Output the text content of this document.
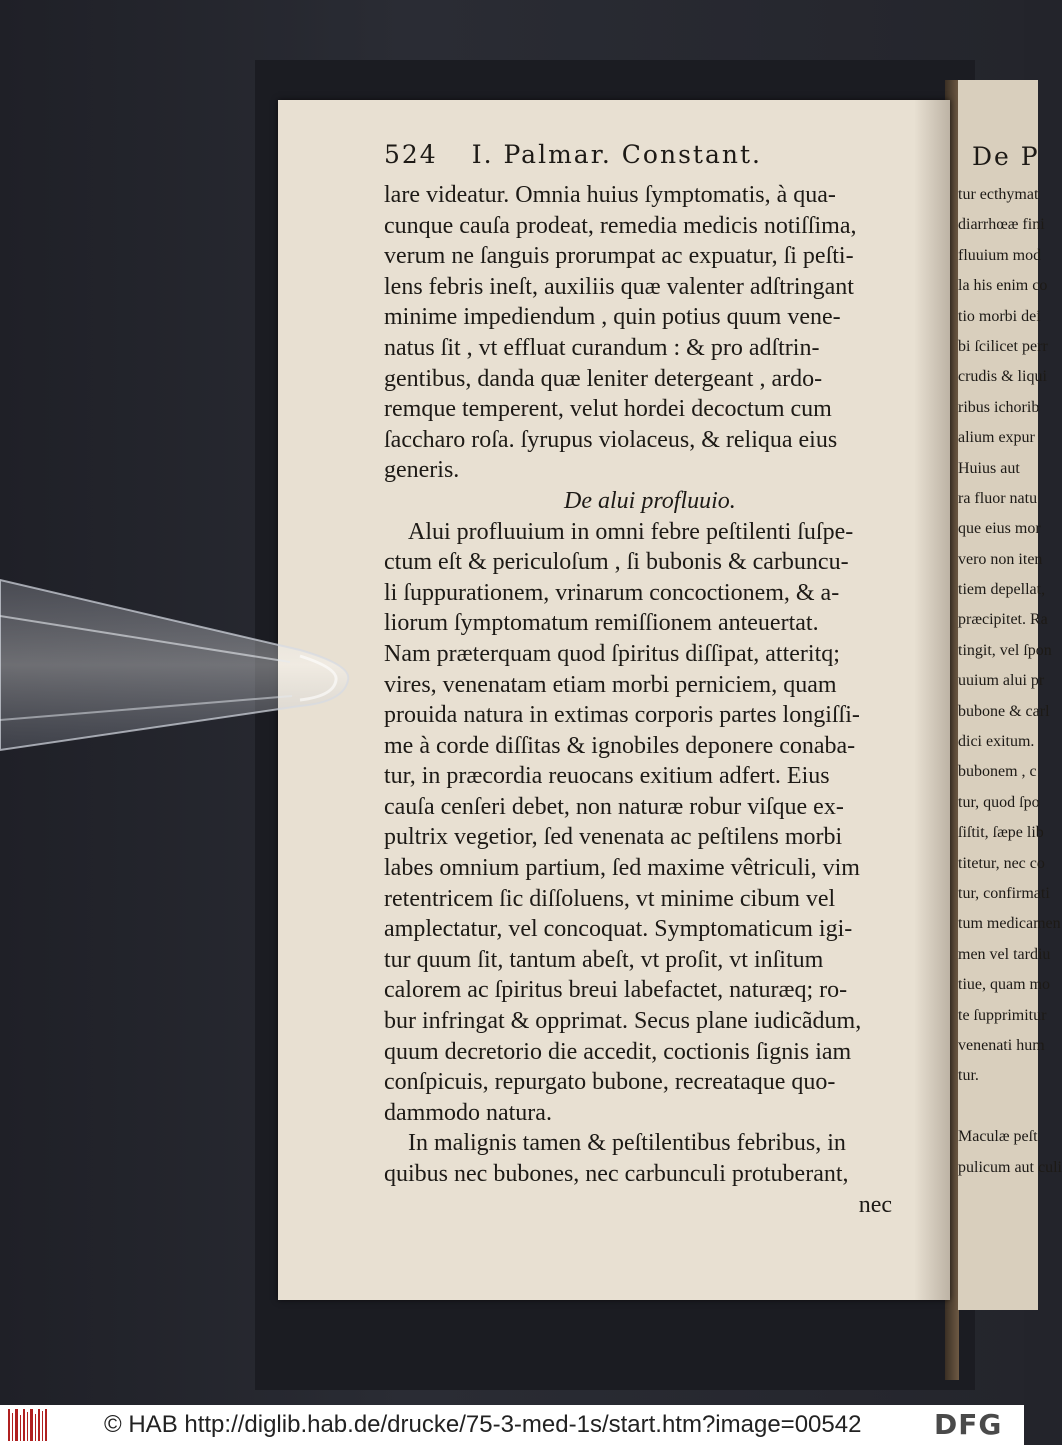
De P
tur ecthymat
diarrhœæ fini
fluuium mod
la his enim co
tio morbi dei
bi ſcilicet perr
crudis & liqui
ribus ichorib
alium expur
Huius aut
ra fluor natu
que eius mor
vero non iten
tiem depellat,
præcipitet. Ra
tingit, vel ſpon
uuium alui pr
bubone & carl
dici exitum.
bubonem , c
tur, quod ſpo
ſiſtit, ſæpe lib
titetur, nec co
tur, confirmati
tum medicamen
men vel tardiu
tiue, quam mo
te ſupprimitur
venenati hum
tur.
Maculæ peſt
pulicum aut culi
524 I. Palmar. Constant.
lare videatur. Omnia huius ſymptomatis, à qua-
cunque cauſa prodeat, remedia medicis notiſſima,
verum ne ſanguis prorumpat ac expuatur, ſi peſti-
lens febris ineſt, auxiliis quæ valenter adſtringant
minime impediendum , quin potius quum vene-
natus ſit , vt effluat curandum : & pro adſtrin-
gentibus, danda quæ leniter detergeant , ardo-
remque temperent, velut hordei decoctum cum
ſaccharo roſa. ſyrupus violaceus, & reliqua eius
generis.
De alui profluuio.
Alui profluuium in omni febre peſtilenti ſuſpe-
ctum eſt & periculoſum , ſi bubonis & carbuncu-
li ſuppurationem, vrinarum concoctionem, & a-
liorum ſymptomatum remiſſionem anteuertat.
Nam præterquam quod ſpiritus diſſipat, atteritq;
vires, venenatam etiam morbi perniciem, quam
prouida natura in extimas corporis partes longiſſi-
me à corde diſſitas & ignobiles deponere conaba-
tur, in præcordia reuocans exitium adfert. Eius
cauſa cenſeri debet, non naturæ robur viſque ex-
pultrix vegetior, ſed venenata ac peſtilens morbi
labes omnium partium, ſed maxime vêtriculi, vim
retentricem ſic diſſoluens, vt minime cibum vel
amplectatur, vel concoquat. Symptomaticum igi-
tur quum ſit, tantum abeſt, vt proſit, vt inſitum
calorem ac ſpiritus breui labefactet, naturæq; ro-
bur infringat & opprimat. Secus plane iudicãdum,
quum decretorio die accedit, coctionis ſignis iam
conſpicuis, repurgato bubone, recreataque quo-
dammodo natura.
In malignis tamen & peſtilentibus febribus, in
quibus nec bubones, nec carbunculi protuberant,
nec
© HAB http://diglib.hab.de/drucke/75-3-med-1s/start.htm?image=00542	DFG
